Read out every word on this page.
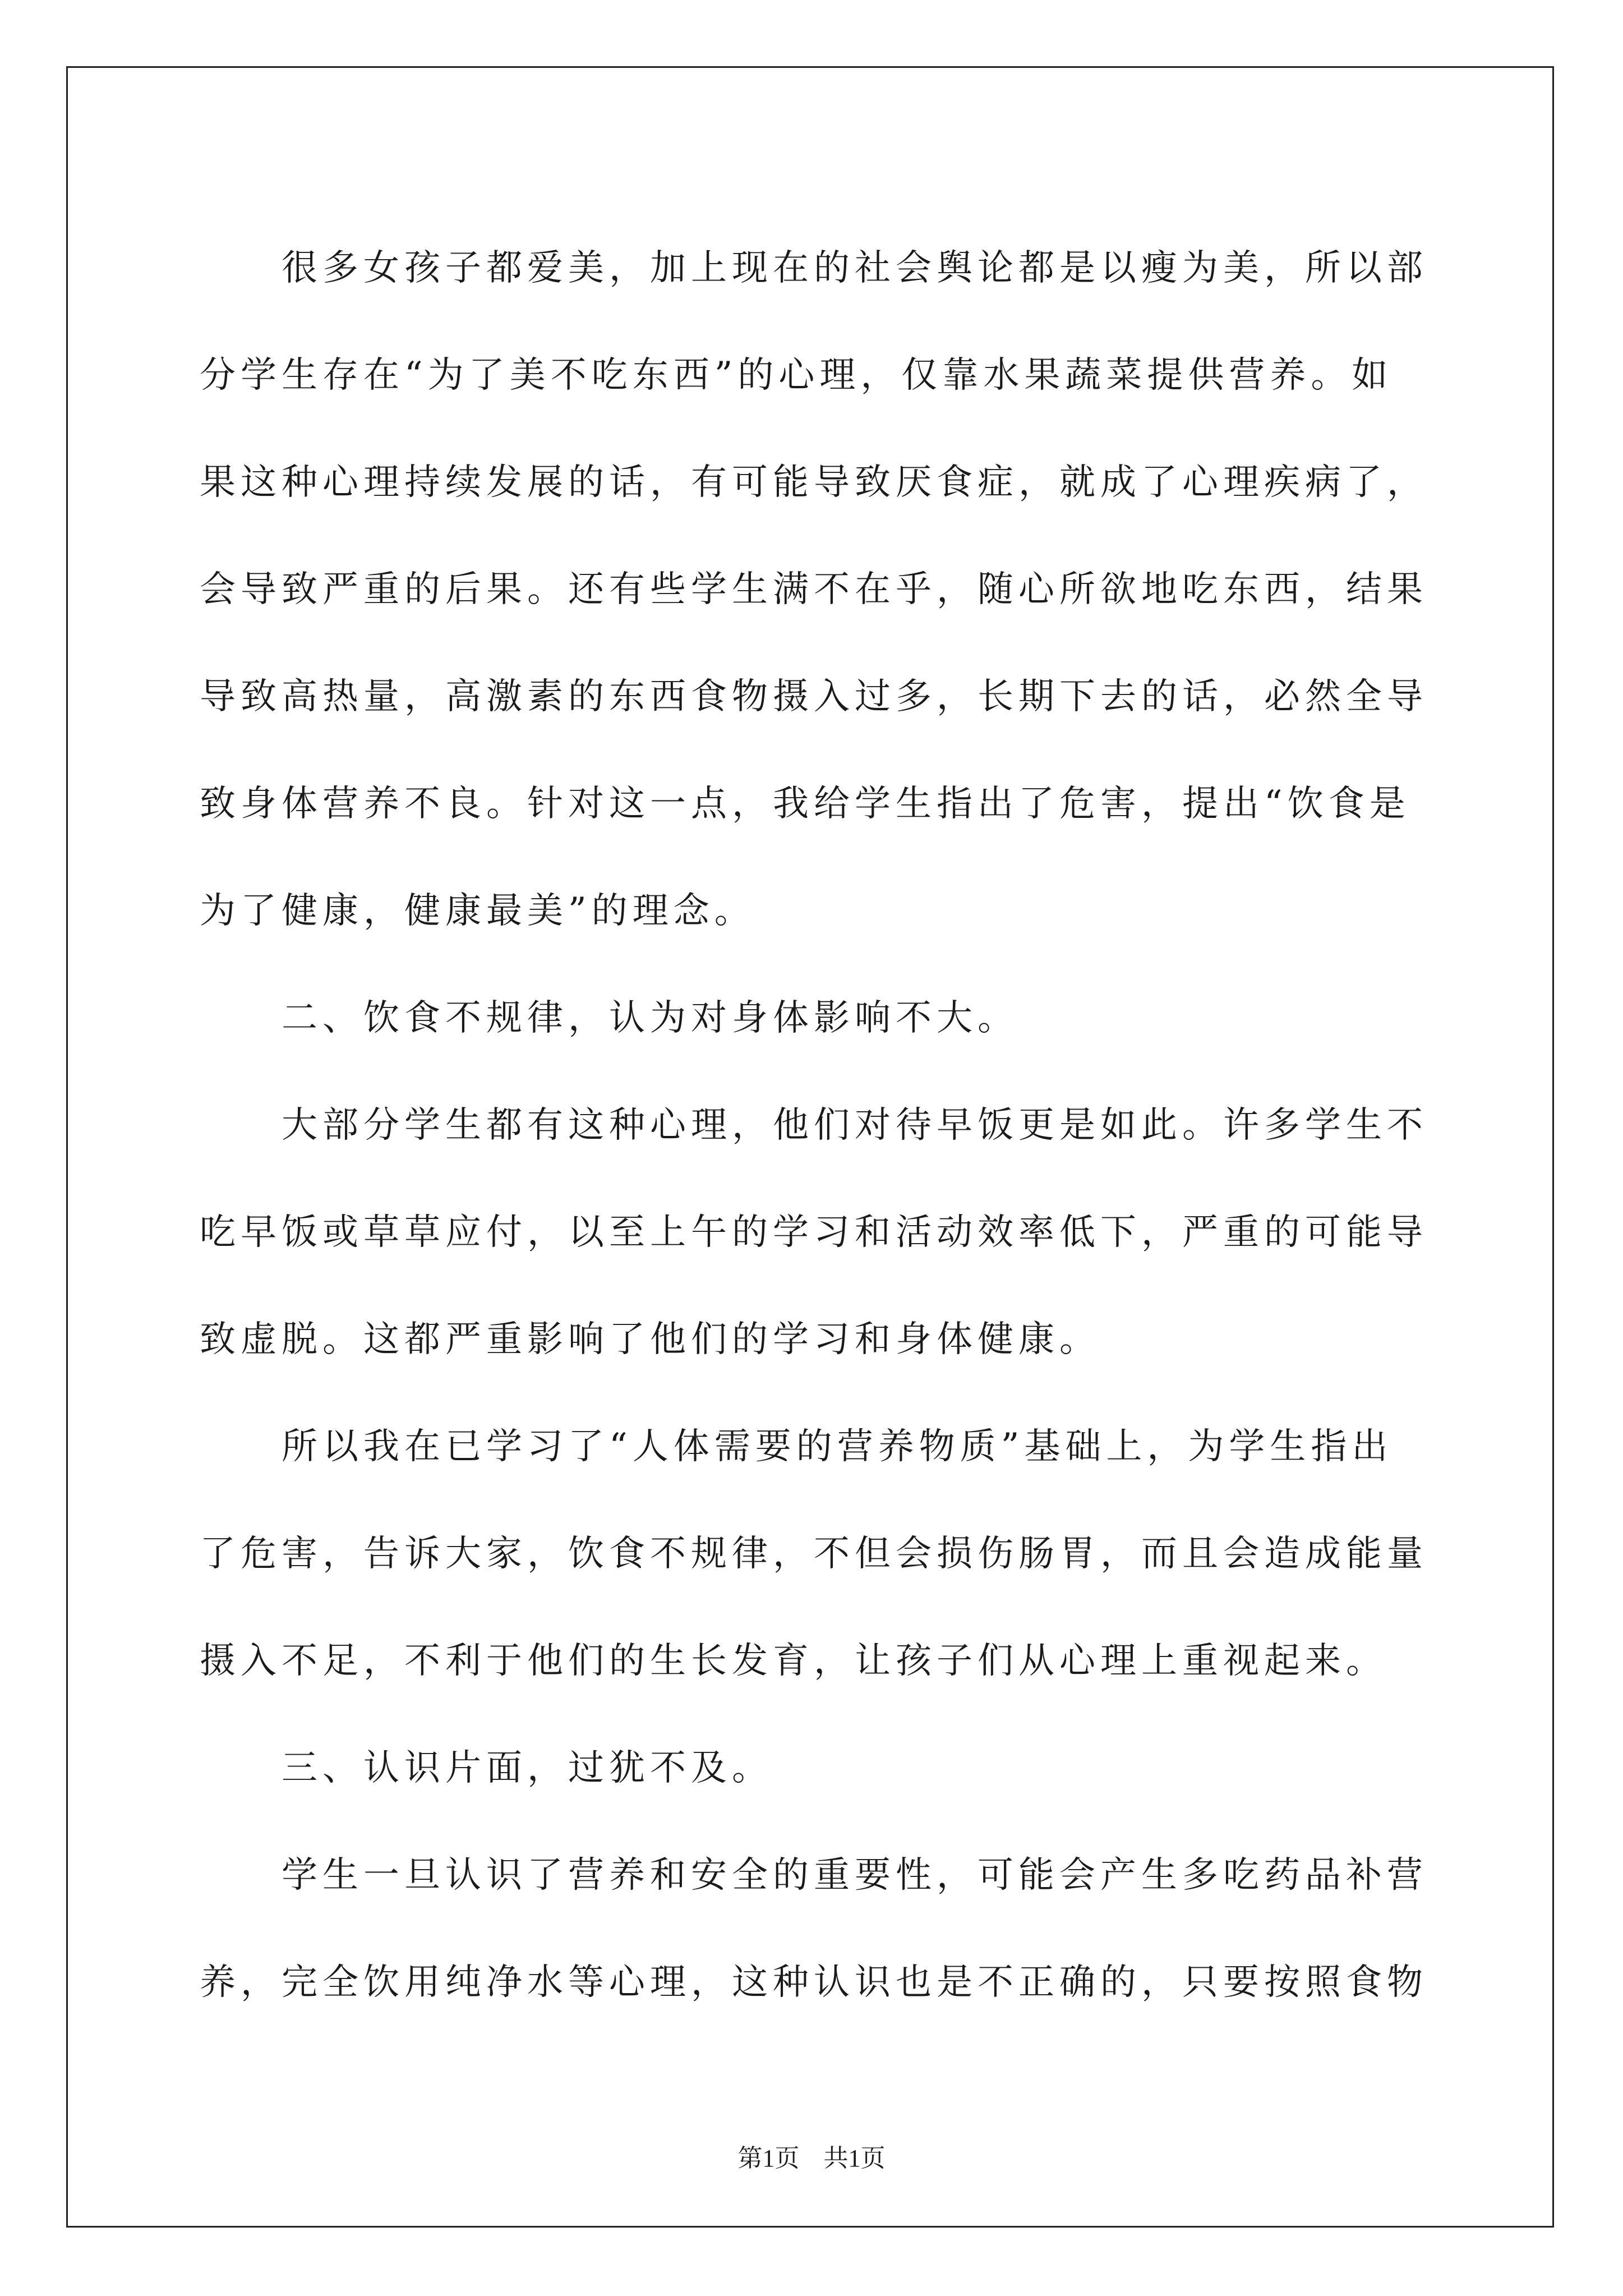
很多女孩子都爱美，加上现在的社会舆论都是以瘦为美，所以部
分学生存在“为了美不吃东西”的心理，仅靠水果蔬菜提供营养。如
果这种心理持续发展的话，有可能导致厌食症，就成了心理疾病了，
会导致严重的后果。还有些学生满不在乎，随心所欲地吃东西，结果
导致高热量，高激素的东西食物摄入过多，长期下去的话，必然全导
致身体营养不良。针对这一点，我给学生指出了危害，提出“饮食是
为了健康，健康最美”的理念。
二、饮食不规律，认为对身体影响不大。
大部分学生都有这种心理，他们对待早饭更是如此。许多学生不
吃早饭或草草应付，以至上午的学习和活动效率低下，严重的可能导
致虚脱。这都严重影响了他们的学习和身体健康。
所以我在已学习了“人体需要的营养物质”基础上，为学生指出
了危害，告诉大家，饮食不规律，不但会损伤肠胃，而且会造成能量
摄入不足，不利于他们的生长发育，让孩子们从心理上重视起来。
三、认识片面，过犹不及。
学生一旦认识了营养和安全的重要性，可能会产生多吃药品补营
养，完全饮用纯净水等心理，这种认识也是不正确的，只要按照食物
第1页 共1页
